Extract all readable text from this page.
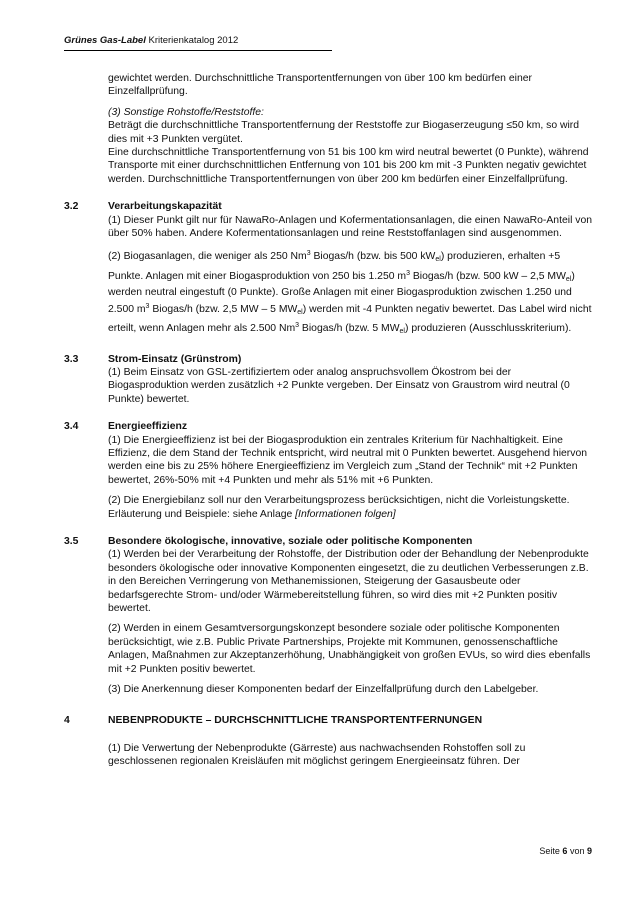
Grünes Gas-Label Kriterienkatalog 2012

gewichtet werden. Durchschnittliche Transportentfernungen von über 100 km bedürfen einer Einzelfallprüfung.

(3) Sonstige Rohstoffe/Reststoffe:

Beträgt die durchschnittliche Transportentfernung der Reststoffe zur Biogaserzeugung ≤50 km, so wird dies mit +3 Punkten vergütet.

Eine durchschnittliche Transportentfernung von 51 bis 100 km wird neutral bewertet (0 Punkte), während Transporte mit einer durchschnittlichen Entfernung von 101 bis 200 km mit -3 Punkten negativ gewichtet werden. Durchschnittliche Transportentfernungen von über 200 km bedürfen einer Einzelfallprüfung.

3.2	Verarbeitungskapazität

(1) Dieser Punkt gilt nur für NawaRo-Anlagen und Kofermentationsanlagen, die einen NawaRo-Anteil von über 50% haben. Andere Kofermentationsanlagen und reine Reststoffanlagen sind ausgenommen.

(2) Biogasanlagen, die weniger als 250 Nm$^3$ Biogas/h (bzw. bis 500 $kW_{el}$) produzieren, erhalten +5 Punkte. Anlagen mit einer Biogasproduktion von 250 bis 1.250 $m^3$ Biogas/h (bzw. 500 kW – 2,5 $MW_{el}$) werden neutral eingestuft (0 Punkte). Große Anlagen mit einer Biogasproduktion zwischen 1.250 und 2.500 $m^3$ Biogas/h (bzw. 2,5 MW – 5 $MW_{el}$) werden mit -4 Punkten negativ bewertet. Das Label wird nicht erteilt, wenn Anlagen mehr als 2.500 Nm$^3$ Biogas/h (bzw. 5 $MW_{el}$) produzieren (Ausschlusskriterium).

3.3	Strom-Einsatz (Grünstrom)

(1) Beim Einsatz von GSL-zertifiziertem oder analog anspruchsvollem Ökostrom bei der Biogasproduktion werden zusätzlich +2 Punkte vergeben. Der Einsatz von Graustrom wird neutral (0 Punkte) bewertet.

3.4	Energieeffizienz

(1) Die Energieeffizienz ist bei der Biogasproduktion ein zentrales Kriterium für Nachhaltigkeit. Eine Effizienz, die dem Stand der Technik entspricht, wird neutral mit 0 Punkten bewertet. Ausgehend hiervon werden eine bis zu 25% höhere Energieeffizienz im Vergleich zum „Stand der Technik“ mit +2 Punkten bewertet, 26%-50% mit +4 Punkten und mehr als 51% mit +6 Punkten.

(2) Die Energiebilanz soll nur den Verarbeitungsprozess berücksichtigen, nicht die Vorleistungskette.

Erläuterung und Beispiele: siehe Anlage [Informationen folgen]

3.5	Besondere ökologische, innovative, soziale oder politische Komponenten

(1) Werden bei der Verarbeitung der Rohstoffe, der Distribution oder der Behandlung der Nebenprodukte besonders ökologische oder innovative Komponenten eingesetzt, die zu deutlichen Verbesserungen z.B. in den Bereichen Verringerung von Methanemissionen, Steigerung der Gasausbeute oder bedarfsgerechte Strom- und/oder Wärmebereitstellung führen, so wird dies mit +2 Punkten positiv bewertet.

(2) Werden in einem Gesamtversorgungskonzept besondere soziale oder politische Komponenten berücksichtigt, wie z.B. Public Private Partnerships, Projekte mit Kommunen, genossenschaftliche Anlagen, Maßnahmen zur Akzeptanzerhöhung, Unabhängigkeit von großen EVUs, so wird dies ebenfalls mit +2 Punkten positiv bewertet.

(3) Die Anerkennung dieser Komponenten bedarf der Einzelfallprüfung durch den Labelgeber.

4	NEBENPRODUKTE – DURCHSCHNITTLICHE TRANSPORTENTFERNUNGEN

(1) Die Verwertung der Nebenprodukte (Gärreste) aus nachwachsenden Rohstoffen soll zu geschlossenen regionalen Kreisläufen mit möglichst geringem Energieeinsatz führen. Der

Seite 6 von 9
